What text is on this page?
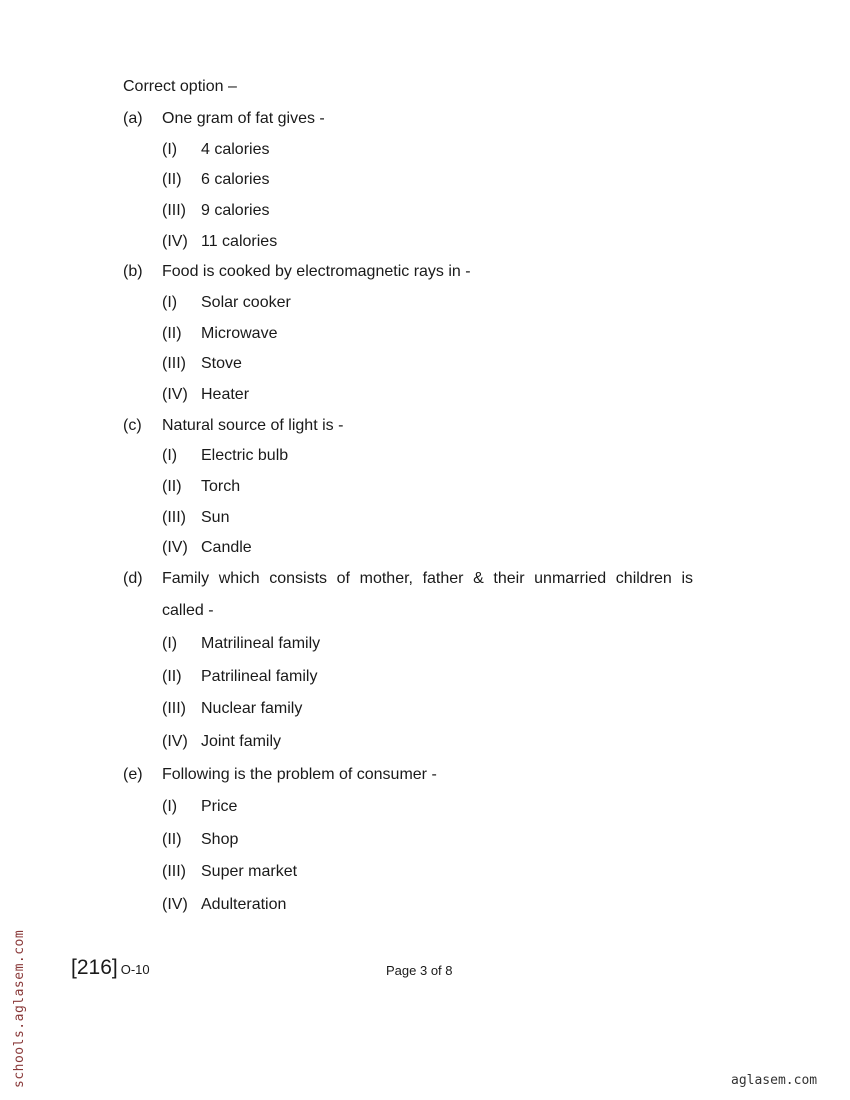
Correct option –
(a)	One gram of fat gives -
(I)	4 calories
(II)	6 calories
(III) 9 calories
(IV) 11 calories
(b)	Food is cooked by electromagnetic rays in -
(I)	Solar cooker
(II)	Microwave
(III) Stove
(IV) Heater
(c)	Natural source of light is -
(I)	Electric bulb
(II)	Torch
(III) Sun
(IV) Candle
(d)	Family which consists of mother, father & their unmarried children is
called -
(I)	Matrilineal family
(II)	Patrilineal family
(III) Nuclear family
(IV) Joint family
(e)	Following is the problem of consumer -
(I)	Price
(II)	Shop
(III) Super market
(IV) Adulteration
[216] O-10	Page 3 of 8
schools.aglasem.com	aglasem.com
